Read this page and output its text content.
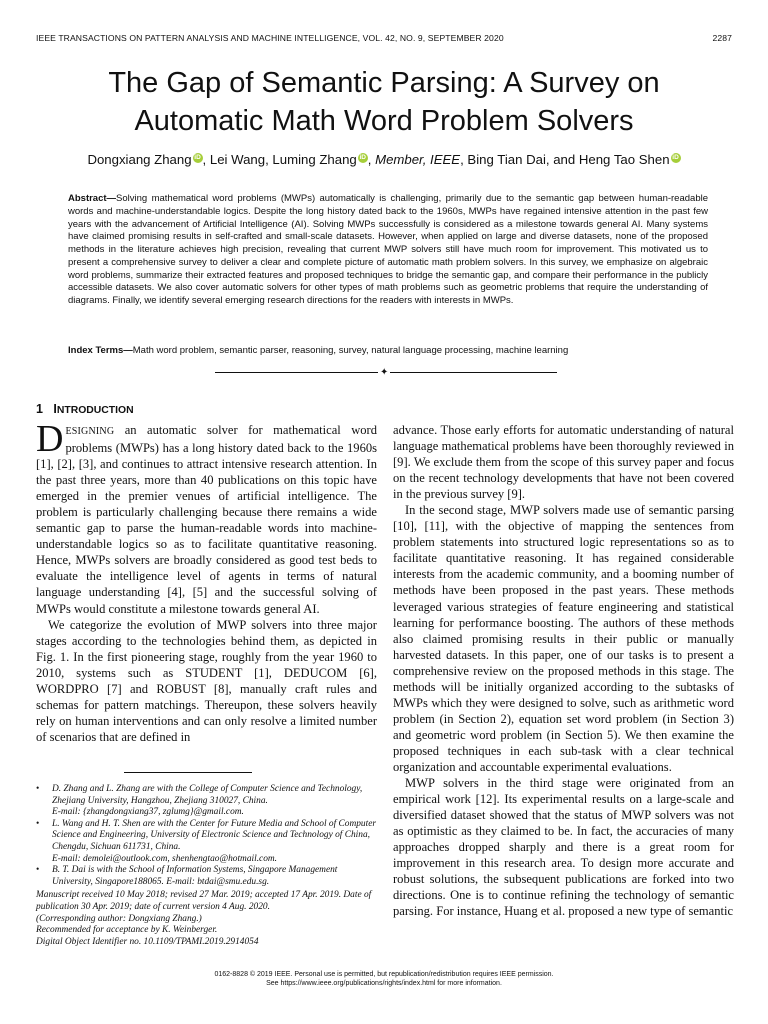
IEEE TRANSACTIONS ON PATTERN ANALYSIS AND MACHINE INTELLIGENCE, VOL. 42, NO. 9, SEPTEMBER 2020	2287
The Gap of Semantic Parsing: A Survey on
Automatic Math Word Problem Solvers
Dongxiang Zhang iD , Lei Wang, Luming Zhang iD , Member, IEEE, Bing Tian Dai, and Heng Tao Shen iD
Abstract—Solving mathematical word problems (MWPs) automatically is challenging, primarily due to the semantic gap between human-readable words and machine-understandable logics. Despite the long history dated back to the 1960s, MWPs have regained intensive attention in the past few years with the advancement of Artificial Intelligence (AI). Solving MWPs successfully is considered as a milestone towards general AI. Many systems have claimed promising results in self-crafted and small-scale datasets. However, when applied on large and diverse datasets, none of the proposed methods in the literature achieves high precision, revealing that current MWP solvers still have much room for improvement. This motivated us to present a comprehensive survey to deliver a clear and complete picture of automatic math problem solvers. In this survey, we emphasize on algebraic word problems, summarize their extracted features and proposed techniques to bridge the semantic gap, and compare their performance in the publicly accessible datasets. We also cover automatic solvers for other types of math problems such as geometric problems that require the understanding of diagrams. Finally, we identify several emerging research directions for the readers with interests in MWPs.
Index Terms—Math word problem, semantic parser, reasoning, survey, natural language processing, machine learning
✦
1 INTRODUCTION

DESIGNING an automatic solver for mathematical word problems (MWPs) has a long history dated back to the 1960s [1], [2], [3], and continues to attract intensive research attention. In the past three years, more than 40 publications on this topic have emerged in the premier venues of artificial intelligence. The problem is particularly challenging because there remains a wide semantic gap to parse the human-readable words into machine-understandable logics so as to facilitate quantitative reasoning. Hence, MWPs solvers are broadly considered as good test beds to evaluate the intelligence level of agents in terms of natural language understanding [4], [5] and the successful solving of MWPs would constitute a milestone towards general AI.

We categorize the evolution of MWP solvers into three major stages according to the technologies behind them, as depicted in Fig. 1. In the first pioneering stage, roughly from the year 1960 to 2010, systems such as STUDENT [1], DEDUCOM [6], WORDPRO [7] and ROBUST [8], manually craft rules and schemas for pattern matchings. Thereupon, these solvers heavily rely on human interventions and can only resolve a limited number of scenarios that are defined in

• D. Zhang and L. Zhang are with the College of Computer Science and Technology, Zhejiang University, Hangzhou, Zhejiang 310027, China.
E-mail: {zhangdongxiang37, zglumg}@gmail.com.
• L. Wang and H. T. Shen are with the Center for Future Media and School of Computer Science and Engineering, University of Electronic Science and Technology of China, Chengdu, Sichuan 611731, China.
E-mail: demolei@outlook.com, shenhengtao@hotmail.com.
• B. T. Dai is with the School of Information Systems, Singapore Management University, Singapore188065. E-mail: btdai@smu.edu.sg.
Manuscript received 10 May 2018; revised 27 Mar. 2019; accepted 17 Apr. 2019. Date of publication 30 Apr. 2019; date of current version 4 Aug. 2020.
(Corresponding author: Dongxiang Zhang.)
Recommended for acceptance by K. Weinberger.
Digital Object Identifier no. 10.1109/TPAMI.2019.2914054

advance. Those early efforts for automatic understanding of natural language mathematical problems have been thoroughly reviewed in [9]. We exclude them from the scope of this survey paper and focus on the recent technology developments that have not been covered in the previous survey [9].

In the second stage, MWP solvers made use of semantic parsing [10], [11], with the objective of mapping the sentences from problem statements into structured logic representations so as to facilitate quantitative reasoning. It has regained considerable interests from the academic community, and a booming number of methods have been proposed in the past years. These methods leveraged various strategies of feature engineering and statistical learning for performance boosting. The authors of these methods also claimed promising results in their public or manually harvested datasets. In this paper, one of our tasks is to present a comprehensive review on the proposed methods in this stage. The methods will be initially organized according to the subtasks of MWPs which they were designed to solve, such as arithmetic word problem (in Section 2), equation set word problem (in Section 3) and geometric word problem (in Section 5). We then examine the proposed techniques in each sub-task with a clear technical organization and accountable experimental evaluations.

MWP solvers in the third stage were originated from an empirical work [12]. Its experimental results on a large-scale and diversified dataset showed that the status of MWP solvers was not as optimistic as they claimed to be. In fact, the accuracies of many approaches dropped sharply and there is a great room for improvement in this research area. To design more accurate and robust solutions, the subsequent publications are forked into two directions. One is to continue refining the technology of semantic parsing. For instance, Huang et al. proposed a new type of semantic

0162-8828 © 2019 IEEE. Personal use is permitted, but republication/redistribution requires IEEE permission.
See https://www.ieee.org/publications/rights/index.html for more information.
